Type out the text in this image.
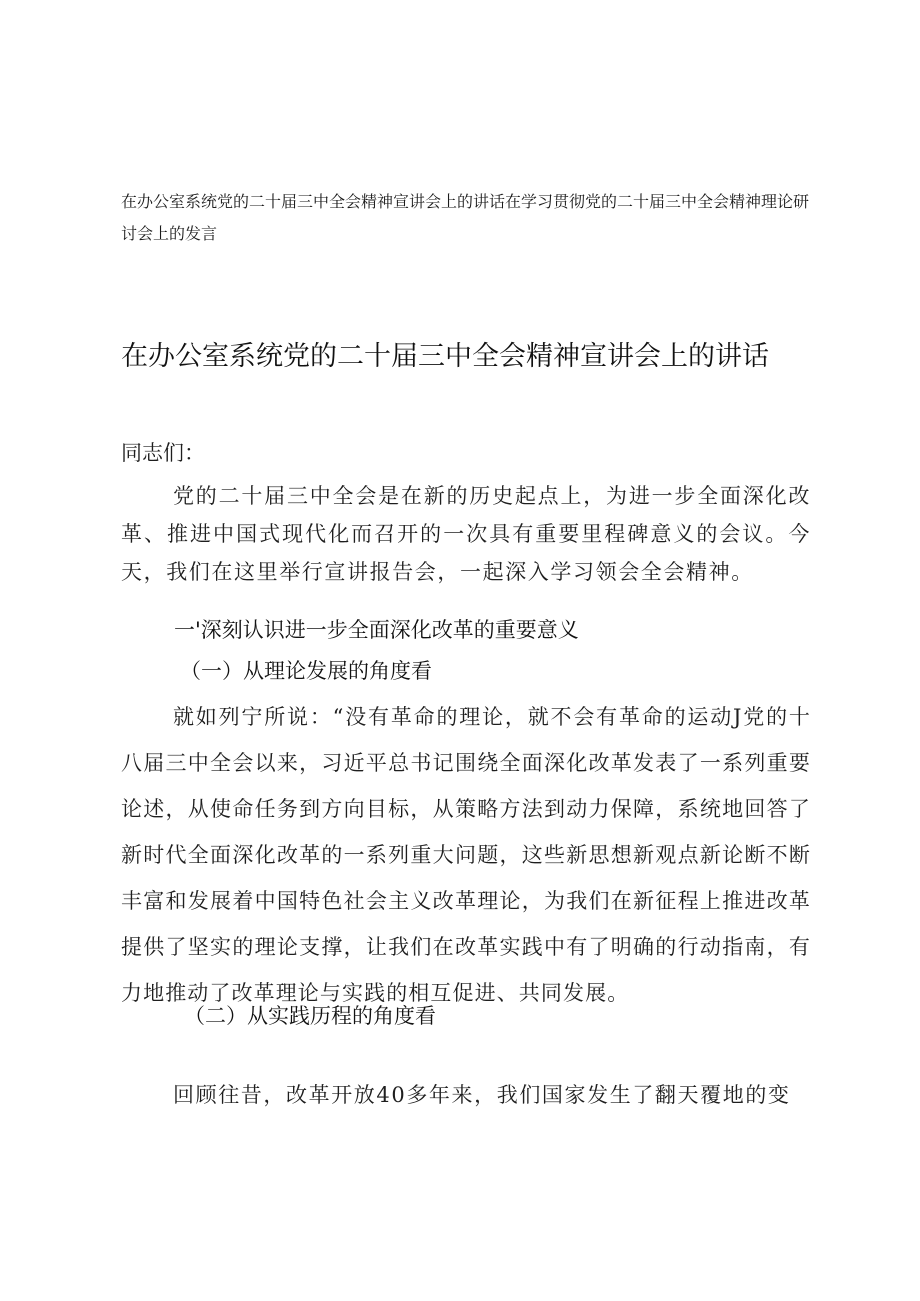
在办公室系统党的二十届三中全会精神宣讲会上的讲话在学习贯彻党的二十届三中全会精神理论研讨会上的发言

在办公室系统党的二十届三中全会精神宣讲会上的讲话

同志们：

党的二十届三中全会是在新的历史起点上，为进一步全面深化改革、推进中国式现代化而召开的一次具有重要里程碑意义的会议。今天，我们在这里举行宣讲报告会，一起深入学习领会全会精神。

一'深刻认识进一步全面深化改革的重要意义
（一）从理论发展的角度看

就如列宁所说：“没有革命的理论，就不会有革命的运动J党的十八届三中全会以来，习近平总书记围绕全面深化改革发表了一系列重要论述，从使命任务到方向目标，从策略方法到动力保障，系统地回答了新时代全面深化改革的一系列重大问题，这些新思想新观点新论断不断丰富和发展着中国特色社会主义改革理论，为我们在新征程上推进改革提供了坚实的理论支撑，让我们在改革实践中有了明确的行动指南，有力地推动了改革理论与实践的相互促进、共同发展。

（二）从实践历程的角度看

回顾往昔，改革开放40多年来，我们国家发生了翻天覆地的变
